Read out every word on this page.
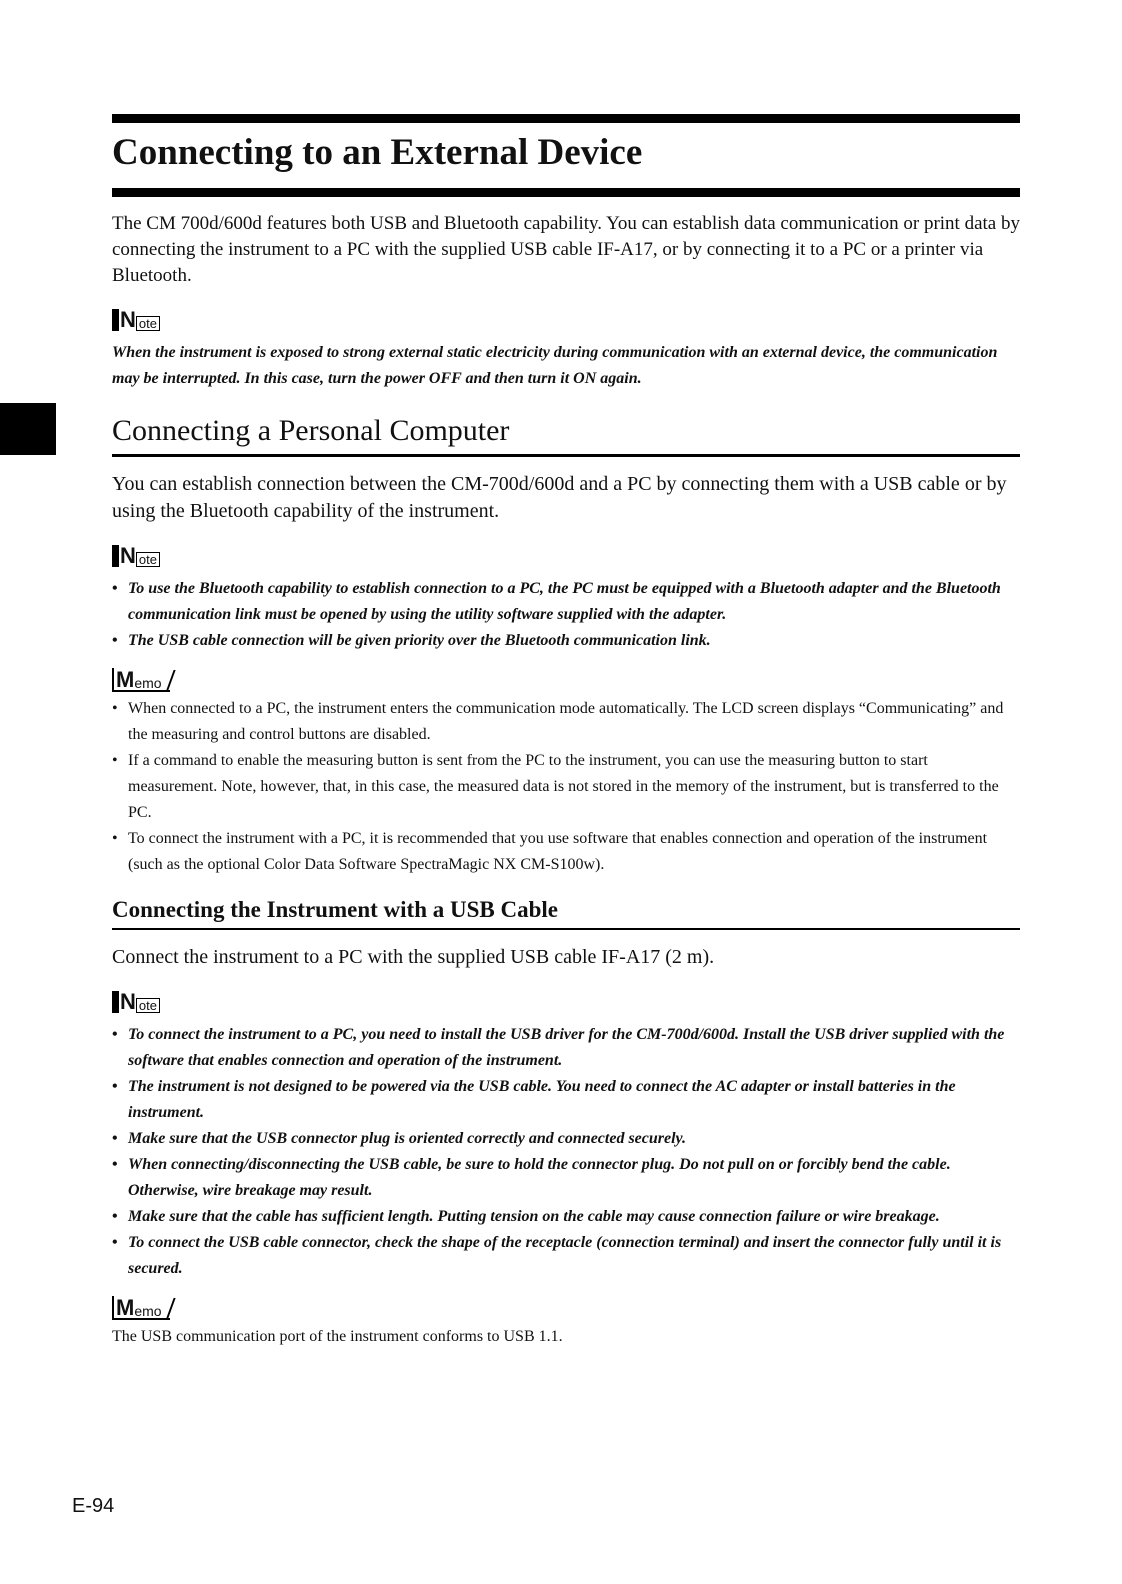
Connecting to an External Device

The CM 700d/600d features both USB and Bluetooth capability. You can establish data communication or print data by connecting the instrument to a PC with the supplied USB cable IF-A17, or by connecting it to a PC or a printer via Bluetooth.

N ote

When the instrument is exposed to strong external static electricity during communication with an external device, the communication may be interrupted. In this case, turn the power OFF and then turn it ON again.

Connecting a Personal Computer

You can establish connection between the CM-700d/600d and a PC by connecting them with a USB cable or by using the Bluetooth capability of the instrument.

N ote
• To use the Bluetooth capability to establish connection to a PC, the PC must be equipped with a Bluetooth adapter and the Bluetooth communication link must be opened by using the utility software supplied with the adapter.
• The USB cable connection will be given priority over the Bluetooth communication link.
M emo
• When connected to a PC, the instrument enters the communication mode automatically. The LCD screen displays “Communicating” and the measuring and control buttons are disabled.
• If a command to enable the measuring button is sent from the PC to the instrument, you can use the measuring button to start measurement. Note, however, that, in this case, the measured data is not stored in the memory of the instrument, but is transferred to the PC.
• To connect the instrument with a PC, it is recommended that you use software that enables connection and operation of the instrument (such as the optional Color Data Software SpectraMagic NX CM-S100w).
Connecting the Instrument with a USB Cable

Connect the instrument to a PC with the supplied USB cable IF-A17 (2 m).

N ote
• To connect the instrument to a PC, you need to install the USB driver for the CM-700d/600d. Install the USB driver supplied with the software that enables connection and operation of the instrument.
• The instrument is not designed to be powered via the USB cable. You need to connect the AC adapter or install batteries in the instrument.
• Make sure that the USB connector plug is oriented correctly and connected securely.
• When connecting/disconnecting the USB cable, be sure to hold the connector plug. Do not pull on or forcibly bend the cable. Otherwise, wire breakage may result.
• Make sure that the cable has sufficient length. Putting tension on the cable may cause connection failure or wire breakage.
• To connect the USB cable connector, check the shape of the receptacle (connection terminal) and insert the connector fully until it is secured.
M emo

The USB communication port of the instrument conforms to USB 1.1.

E-94
